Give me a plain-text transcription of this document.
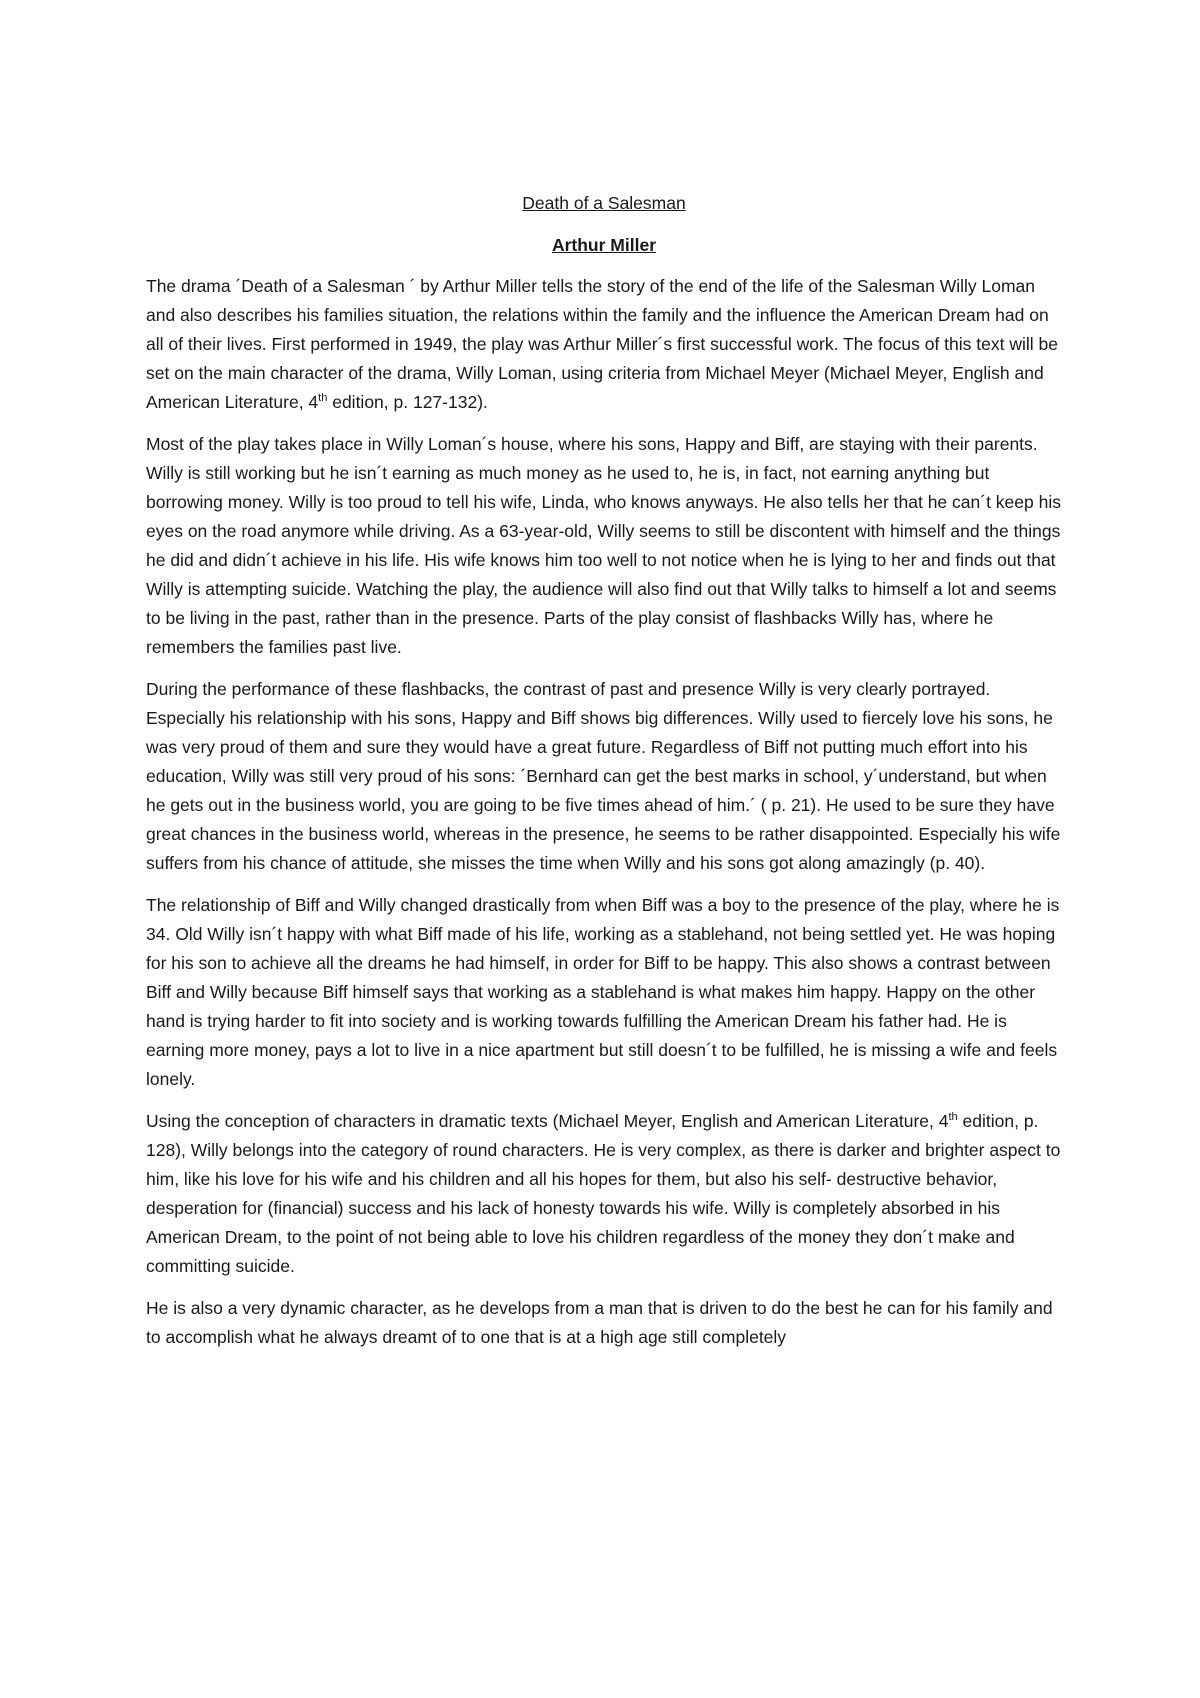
Death of a Salesman

Arthur Miller

The drama ´Death of a Salesman ´ by Arthur Miller tells the story of the end of the life of the Salesman Willy Loman and also describes his families situation, the relations within the family and the influence the American Dream had on all of their lives. First performed in 1949, the play was Arthur Miller´s first successful work. The focus of this text will be set on the main character of the drama, Willy Loman, using criteria from Michael Meyer (Michael Meyer, English and American Literature, 4th edition, p. 127-132).

Most of the play takes place in Willy Loman´s house, where his sons, Happy and Biff, are staying with their parents. Willy is still working but he isn´t earning as much money as he used to, he is, in fact, not earning anything but borrowing money. Willy is too proud to tell his wife, Linda, who knows anyways. He also tells her that he can´t keep his eyes on the road anymore while driving. As a 63-year-old, Willy seems to still be discontent with himself and the things he did and didn´t achieve in his life. His wife knows him too well to not notice when he is lying to her and finds out that Willy is attempting suicide. Watching the play, the audience will also find out that Willy talks to himself a lot and seems to be living in the past, rather than in the presence. Parts of the play consist of flashbacks Willy has, where he remembers the families past live.

During the performance of these flashbacks, the contrast of past and presence Willy is very clearly portrayed. Especially his relationship with his sons, Happy and Biff shows big differences. Willy used to fiercely love his sons, he was very proud of them and sure they would have a great future. Regardless of Biff not putting much effort into his education, Willy was still very proud of his sons: ´Bernhard can get the best marks in school, y´understand, but when he gets out in the business world, you are going to be five times ahead of him.´ ( p. 21). He used to be sure they have great chances in the business world, whereas in the presence, he seems to be rather disappointed. Especially his wife suffers from his chance of attitude, she misses the time when Willy and his sons got along amazingly (p. 40).

The relationship of Biff and Willy changed drastically from when Biff was a boy to the presence of the play, where he is 34. Old Willy isn´t happy with what Biff made of his life, working as a stablehand, not being settled yet. He was hoping for his son to achieve all the dreams he had himself, in order for Biff to be happy. This also shows a contrast between Biff and Willy because Biff himself says that working as a stablehand is what makes him happy. Happy on the other hand is trying harder to fit into society and is working towards fulfilling the American Dream his father had. He is earning more money, pays a lot to live in a nice apartment but still doesn´t to be fulfilled, he is missing a wife and feels lonely.

Using the conception of characters in dramatic texts (Michael Meyer, English and American Literature, 4th edition, p. 128), Willy belongs into the category of round characters. He is very complex, as there is darker and brighter aspect to him, like his love for his wife and his children and all his hopes for them, but also his self- destructive behavior, desperation for (financial) success and his lack of honesty towards his wife. Willy is completely absorbed in his American Dream, to the point of not being able to love his children regardless of the money they don´t make and committing suicide.

He is also a very dynamic character, as he develops from a man that is driven to do the best he can for his family and to accomplish what he always dreamt of to one that is at a high age still completely
